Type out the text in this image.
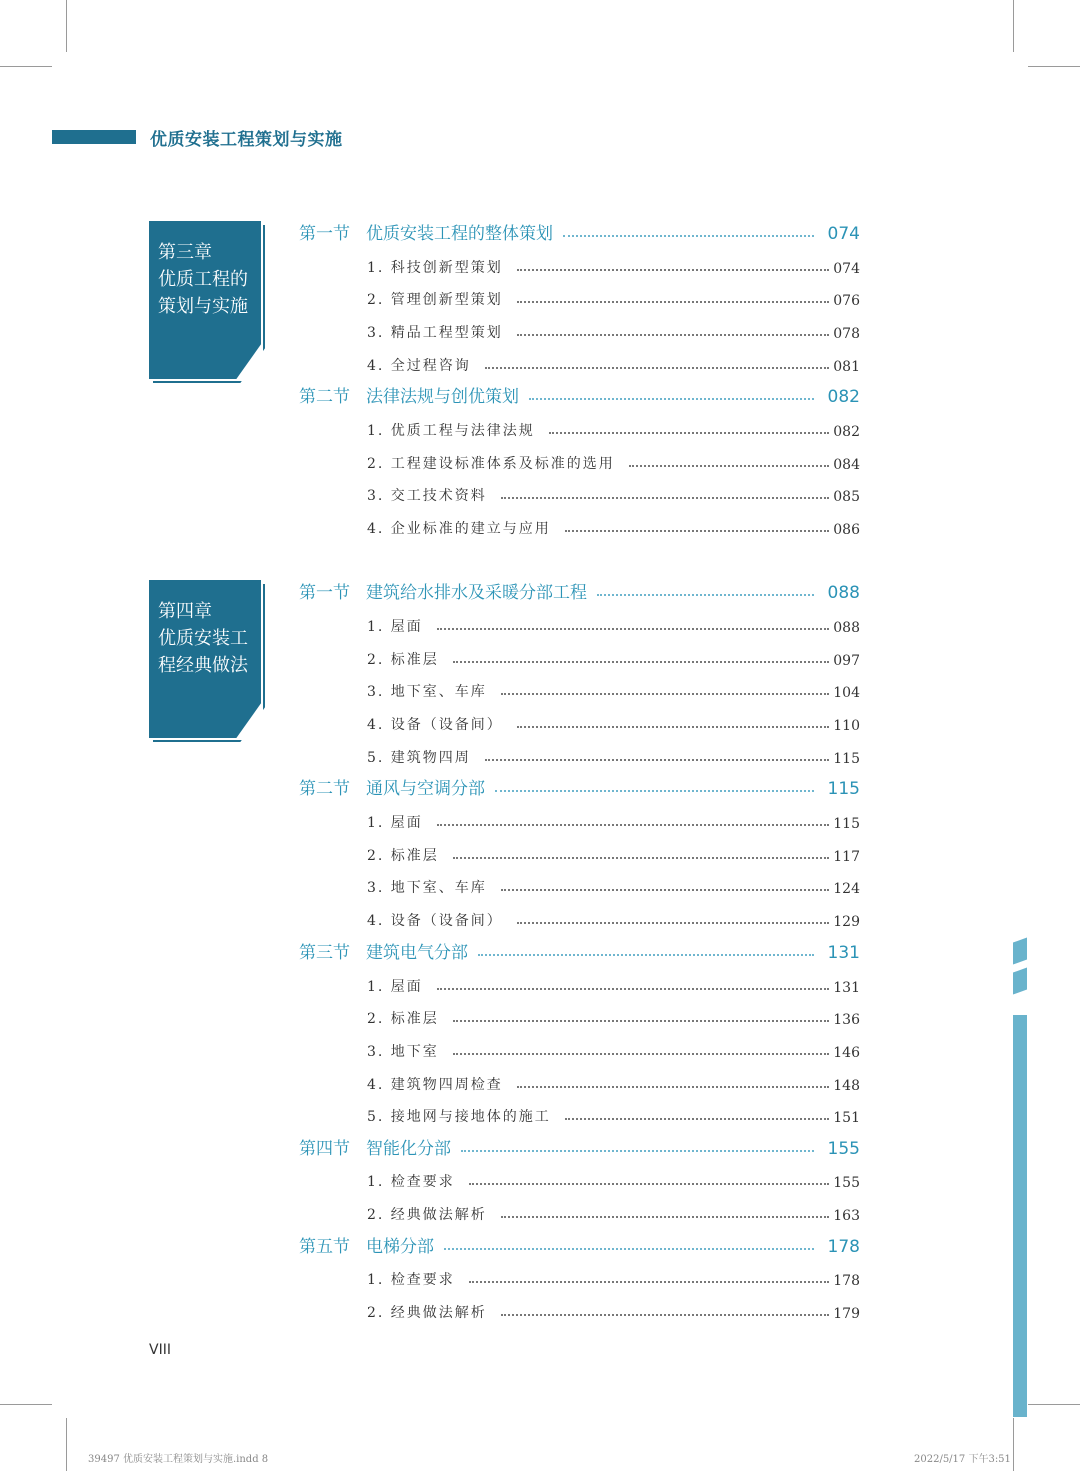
优质安装工程策划与实施
第三章
优质工程的
策划与实施
第四章
优质安装工
程经典做法
第一节 优质安装工程的整体策划	074
1. 科技创新型策划	074
2. 管理创新型策划	076
3. 精品工程型策划	078
4. 全过程咨询	081
第二节 法律法规与创优策划	082
1. 优质工程与法律法规	082
2. 工程建设标准体系及标准的选用	084
3. 交工技术资料	085
4. 企业标准的建立与应用	086
第一节 建筑给水排水及采暖分部工程	088
1. 屋面	088
2. 标准层	097
3. 地下室、车库	104
4. 设备（设备间）	110
5. 建筑物四周	115
第二节 通风与空调分部	115
1. 屋面	115
2. 标准层	117
3. 地下室、车库	124
4. 设备（设备间）	129
第三节 建筑电气分部	131
1. 屋面	131
2. 标准层	136
3. 地下室	146
4. 建筑物四周检查	148
5. 接地网与接地体的施工	151
第四节 智能化分部	155
1. 检查要求	155
2. 经典做法解析	163
第五节 电梯分部	178
1. 检查要求	178
2. 经典做法解析	179
VIII
39497 优质安装工程策划与实施.indd 8	2022/5/17 下午3:51
